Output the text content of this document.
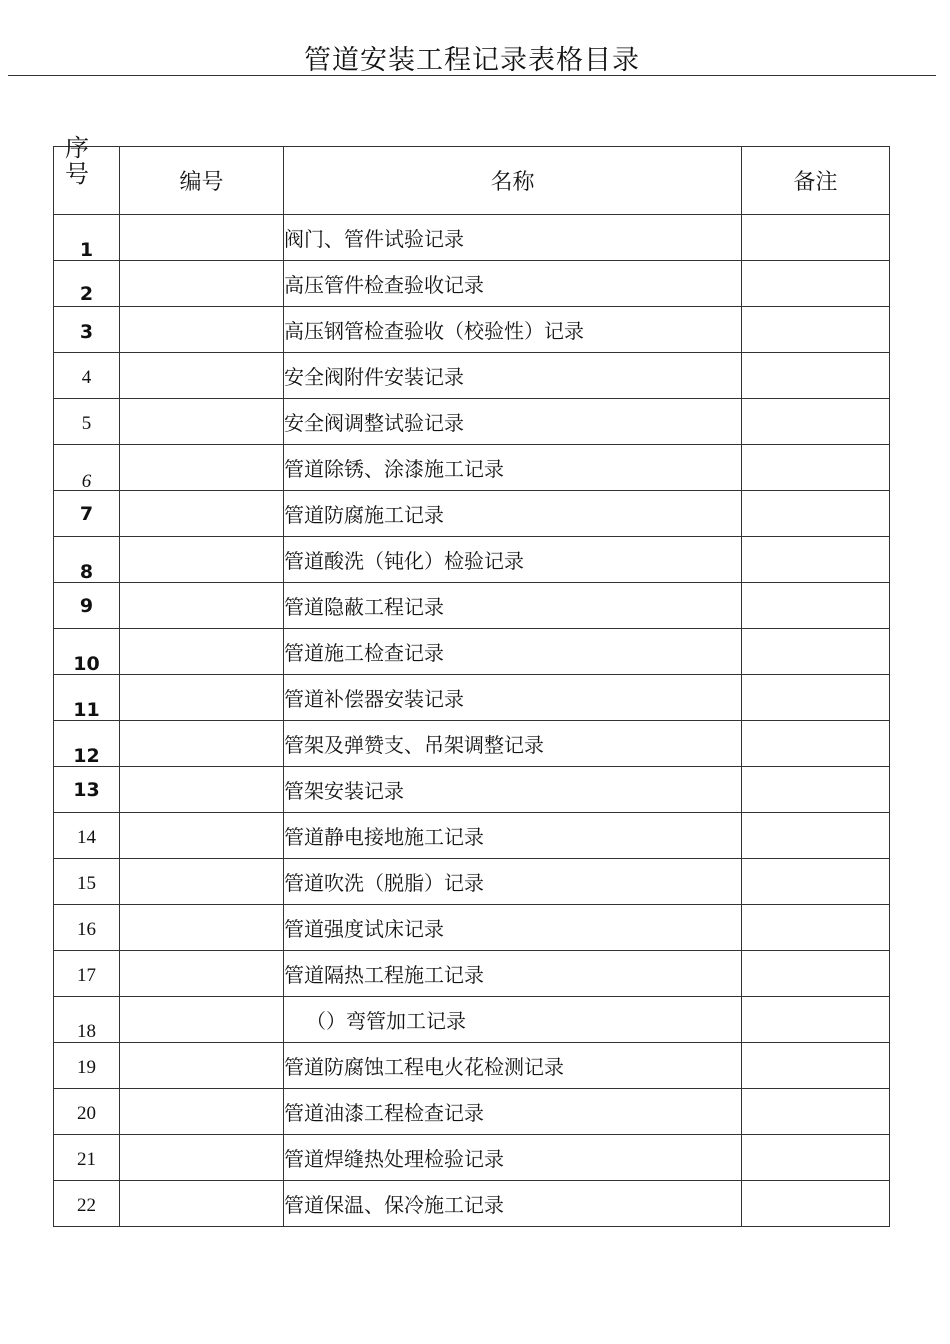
管道安装工程记录表格目录
序号	编号	名称	备注

1		阀门、管件试验记录	

2		高压管件检查验收记录	

3		高压钢管检查验收（校验性）记录	

4		安全阀附件安装记录	

5		安全阀调整试验记录	

6		管道除锈、涂漆施工记录	

7		管道防腐施工记录	

8		管道酸洗（钝化）检验记录	

9		管道隐蔽工程记录	

10		管道施工检查记录	

11		管道补偿器安装记录	

12		管架及弹赞支、吊架调整记录	

13		管架安装记录	

14		管道静电接地施工记录	

15		管道吹洗（脱脂）记录	

16		管道强度试床记录	

17		管道隔热工程施工记录	

18		（）弯管加工记录	

19		管道防腐蚀工程电火花检测记录	

20		管道油漆工程检查记录	

21		管道焊缝热处理检验记录	

22		管道保温、保冷施工记录	
